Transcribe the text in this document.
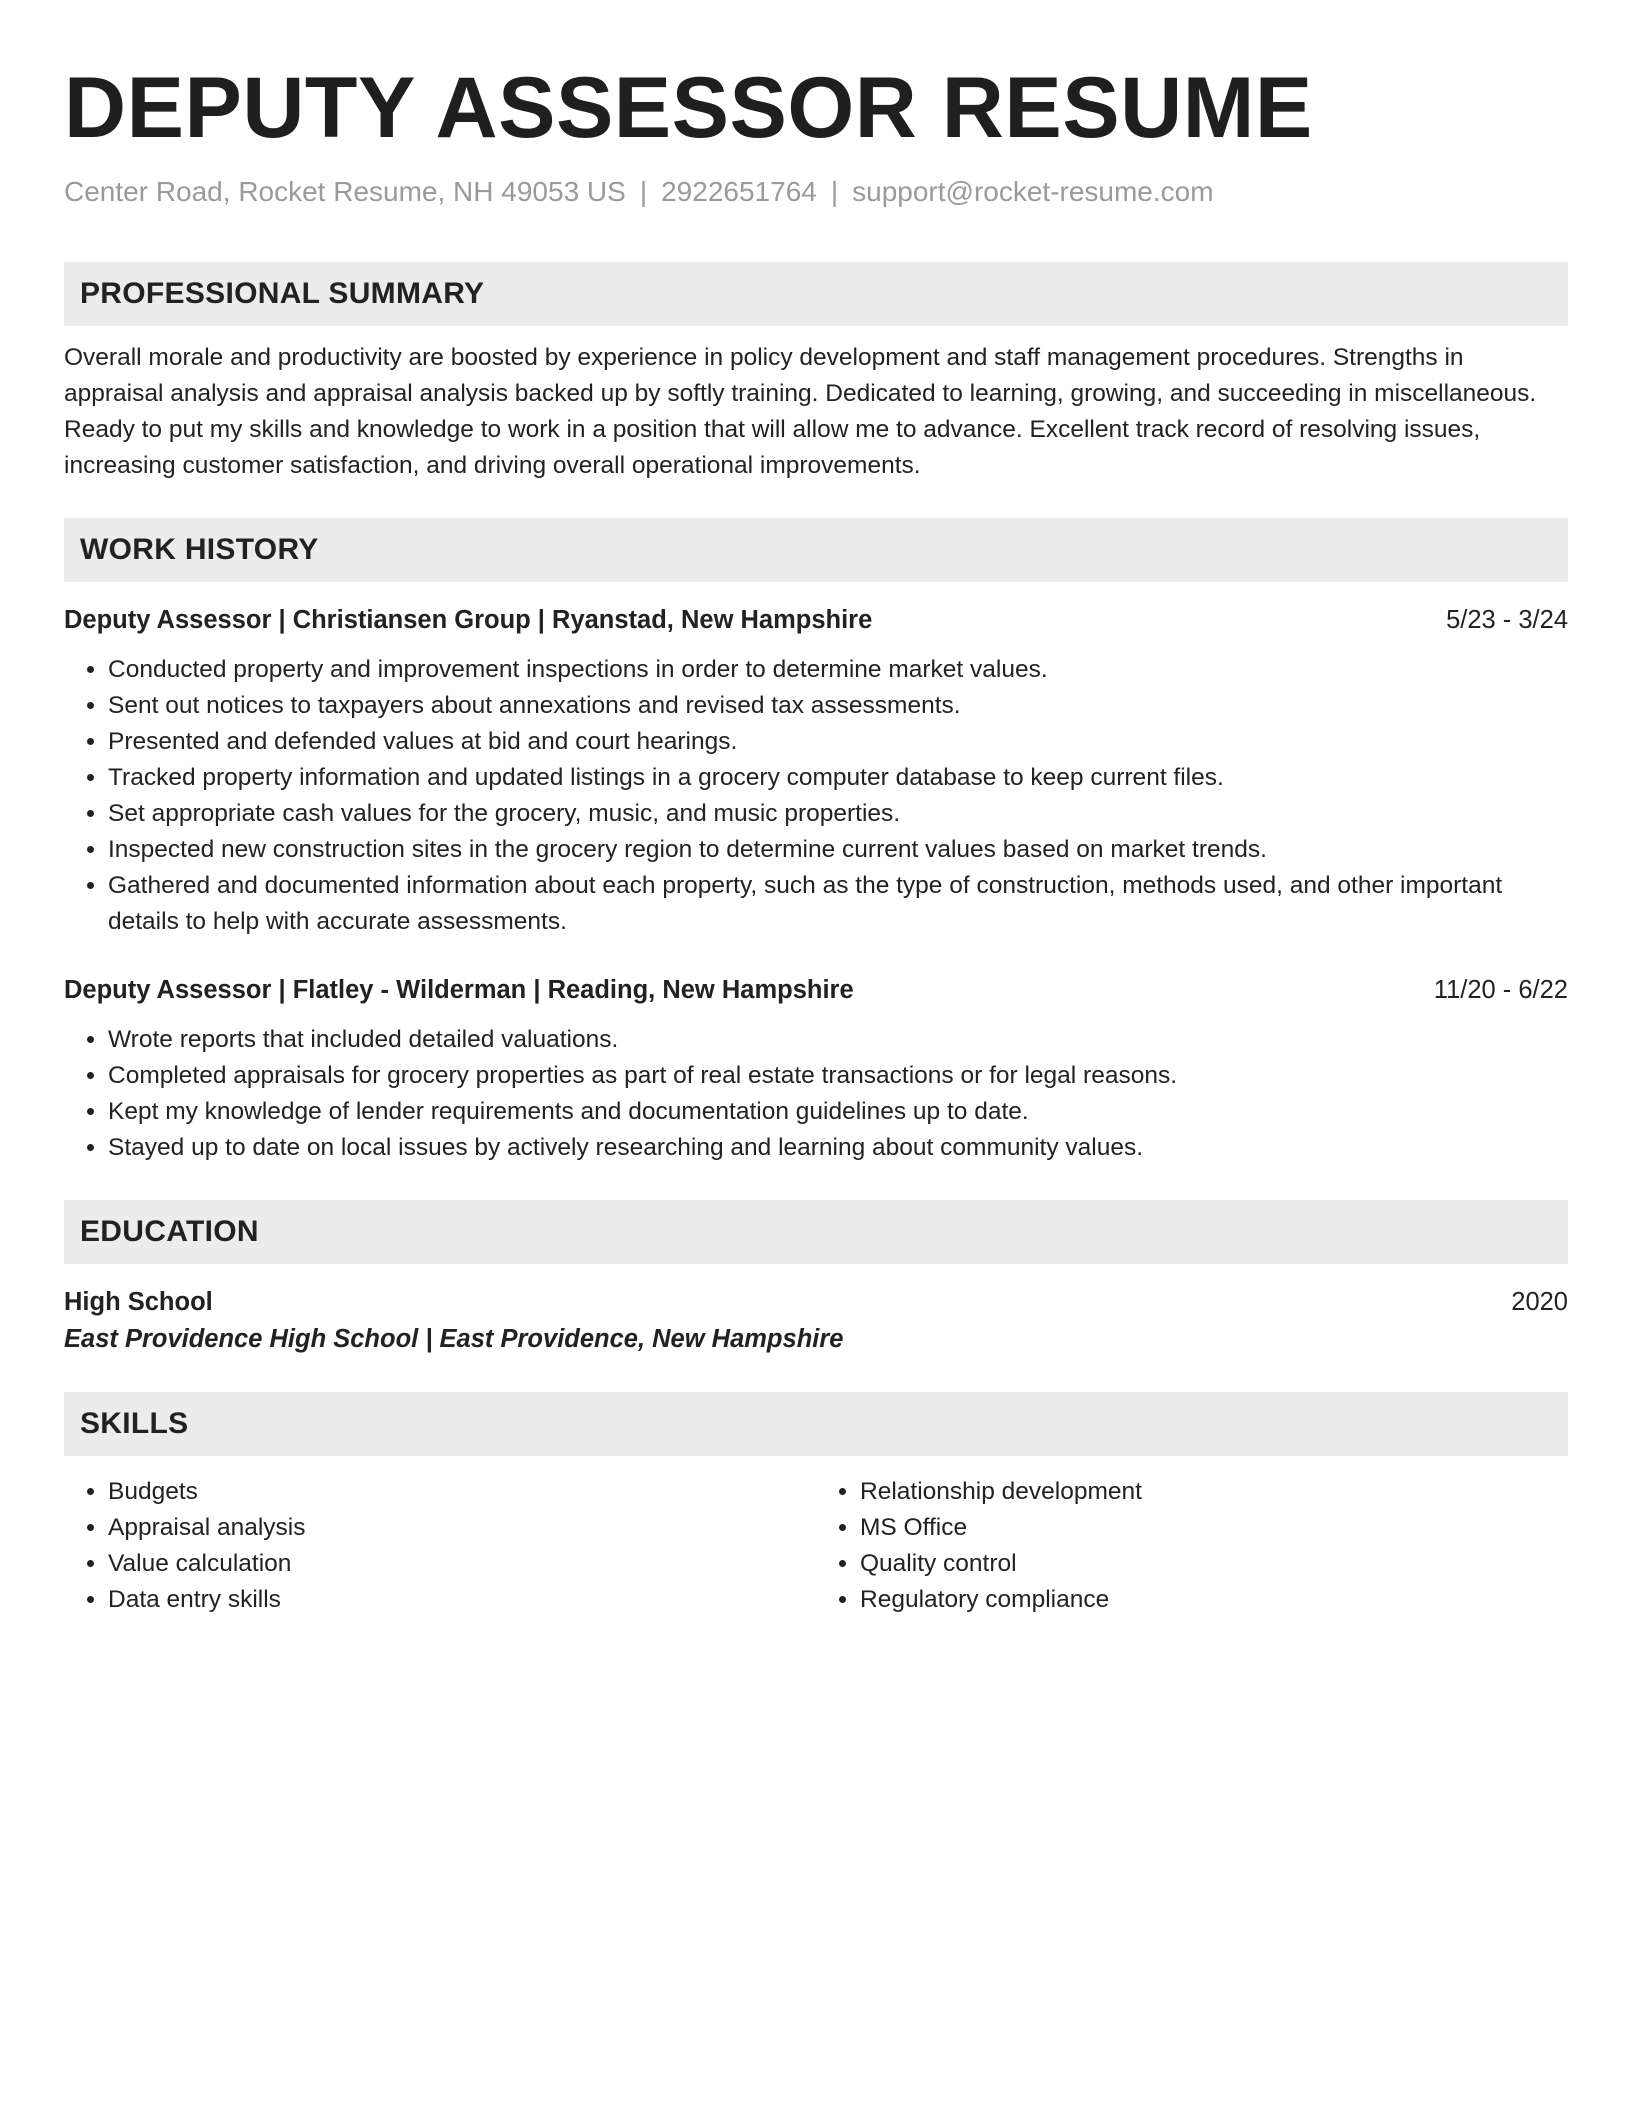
DEPUTY ASSESSOR RESUME
Center Road, Rocket Resume, NH 49053 US | 2922651764 | support@rocket-resume.com
PROFESSIONAL SUMMARY
Overall morale and productivity are boosted by experience in policy development and staff management procedures. Strengths in appraisal analysis and appraisal analysis backed up by softly training. Dedicated to learning, growing, and succeeding in miscellaneous. Ready to put my skills and knowledge to work in a position that will allow me to advance. Excellent track record of resolving issues, increasing customer satisfaction, and driving overall operational improvements.
WORK HISTORY
Deputy Assessor | Christiansen Group | Ryanstad, New Hampshire	5/23 - 3/24
• Conducted property and improvement inspections in order to determine market values.
• Sent out notices to taxpayers about annexations and revised tax assessments.
• Presented and defended values at bid and court hearings.
• Tracked property information and updated listings in a grocery computer database to keep current files.
• Set appropriate cash values for the grocery, music, and music properties.
• Inspected new construction sites in the grocery region to determine current values based on market trends.
• Gathered and documented information about each property, such as the type of construction, methods used, and other important details to help with accurate assessments.
Deputy Assessor | Flatley - Wilderman | Reading, New Hampshire	11/20 - 6/22
• Wrote reports that included detailed valuations.
• Completed appraisals for grocery properties as part of real estate transactions or for legal reasons.
• Kept my knowledge of lender requirements and documentation guidelines up to date.
• Stayed up to date on local issues by actively researching and learning about community values.
EDUCATION
High School	2020
East Providence High School | East Providence, New Hampshire
SKILLS
• Budgets
• Appraisal analysis
• Value calculation
• Data entry skills
• Relationship development
• MS Office
• Quality control
• Regulatory compliance
